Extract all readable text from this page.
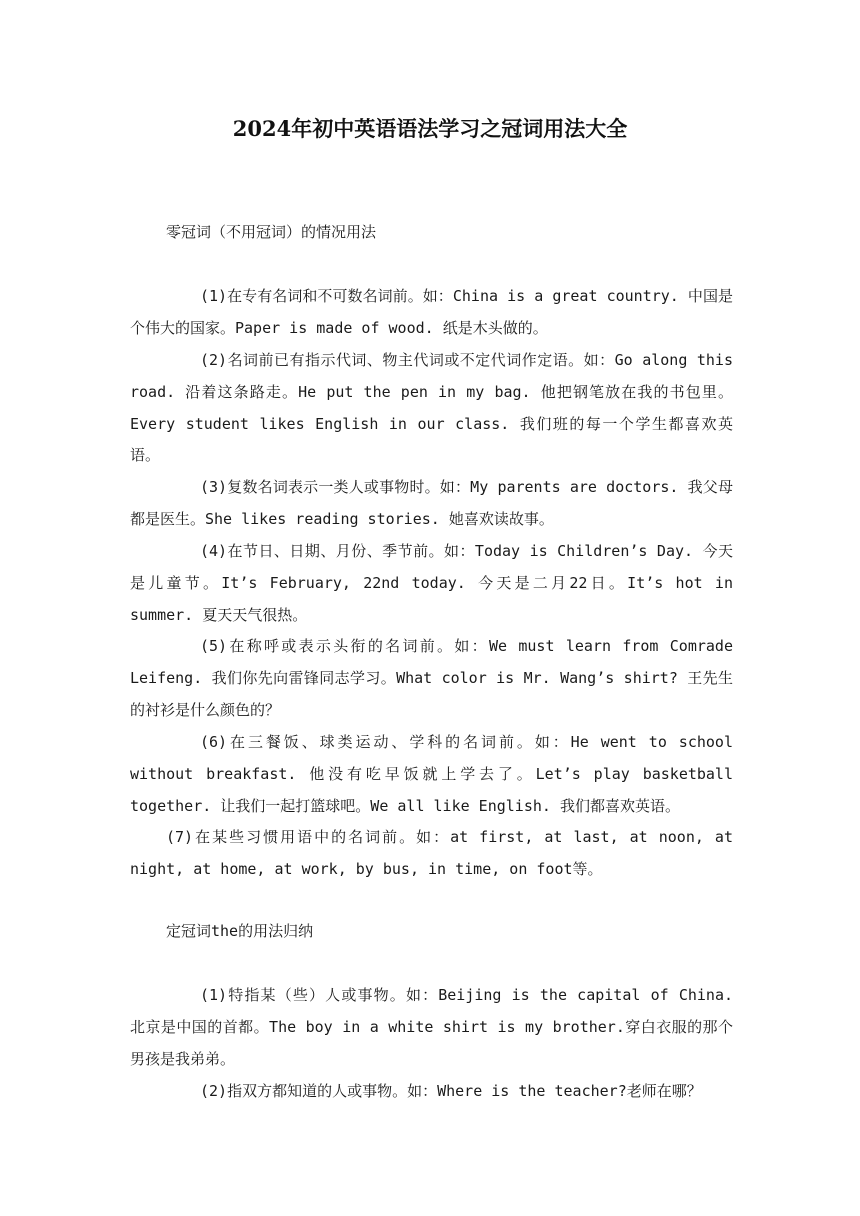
2024年初中英语语法学习之冠词用法大全

零冠词（不用冠词）的情况用法

(1)在专有名词和不可数名词前。如：China is a great country. 中国是个伟大的国家。Paper is made of wood. 纸是木头做的。

(2)名词前已有指示代词、物主代词或不定代词作定语。如：Go along this road. 沿着这条路走。He put the pen in my bag. 他把钢笔放在我的书包里。Every student likes English in our class. 我们班的每一个学生都喜欢英语。

(3)复数名词表示一类人或事物时。如：My parents are doctors. 我父母都是医生。She likes reading stories. 她喜欢读故事。

(4)在节日、日期、月份、季节前。如：Today is Children’s Day. 今天是儿童节。It’s February, 22nd today. 今天是二月22日。It’s hot in summer. 夏天天气很热。

(5)在称呼或表示头衔的名词前。如：We must learn from Comrade Leifeng. 我们你先向雷锋同志学习。What color is Mr. Wang’s shirt? 王先生的衬衫是什么颜色的？

(6)在三餐饭、球类运动、学科的名词前。如：He went to school without breakfast. 他没有吃早饭就上学去了。Let’s play basketball together. 让我们一起打篮球吧。We all like English. 我们都喜欢英语。

(7)在某些习惯用语中的名词前。如：at first, at last, at noon, at night, at home, at work, by bus, in time, on foot等。

定冠词the的用法归纳

(1)特指某（些）人或事物。如：Beijing is the capital of China. 北京是中国的首都。The boy in a white shirt is my brother.穿白衣服的那个男孩是我弟弟。

(2)指双方都知道的人或事物。如：Where is the teacher?老师在哪？
